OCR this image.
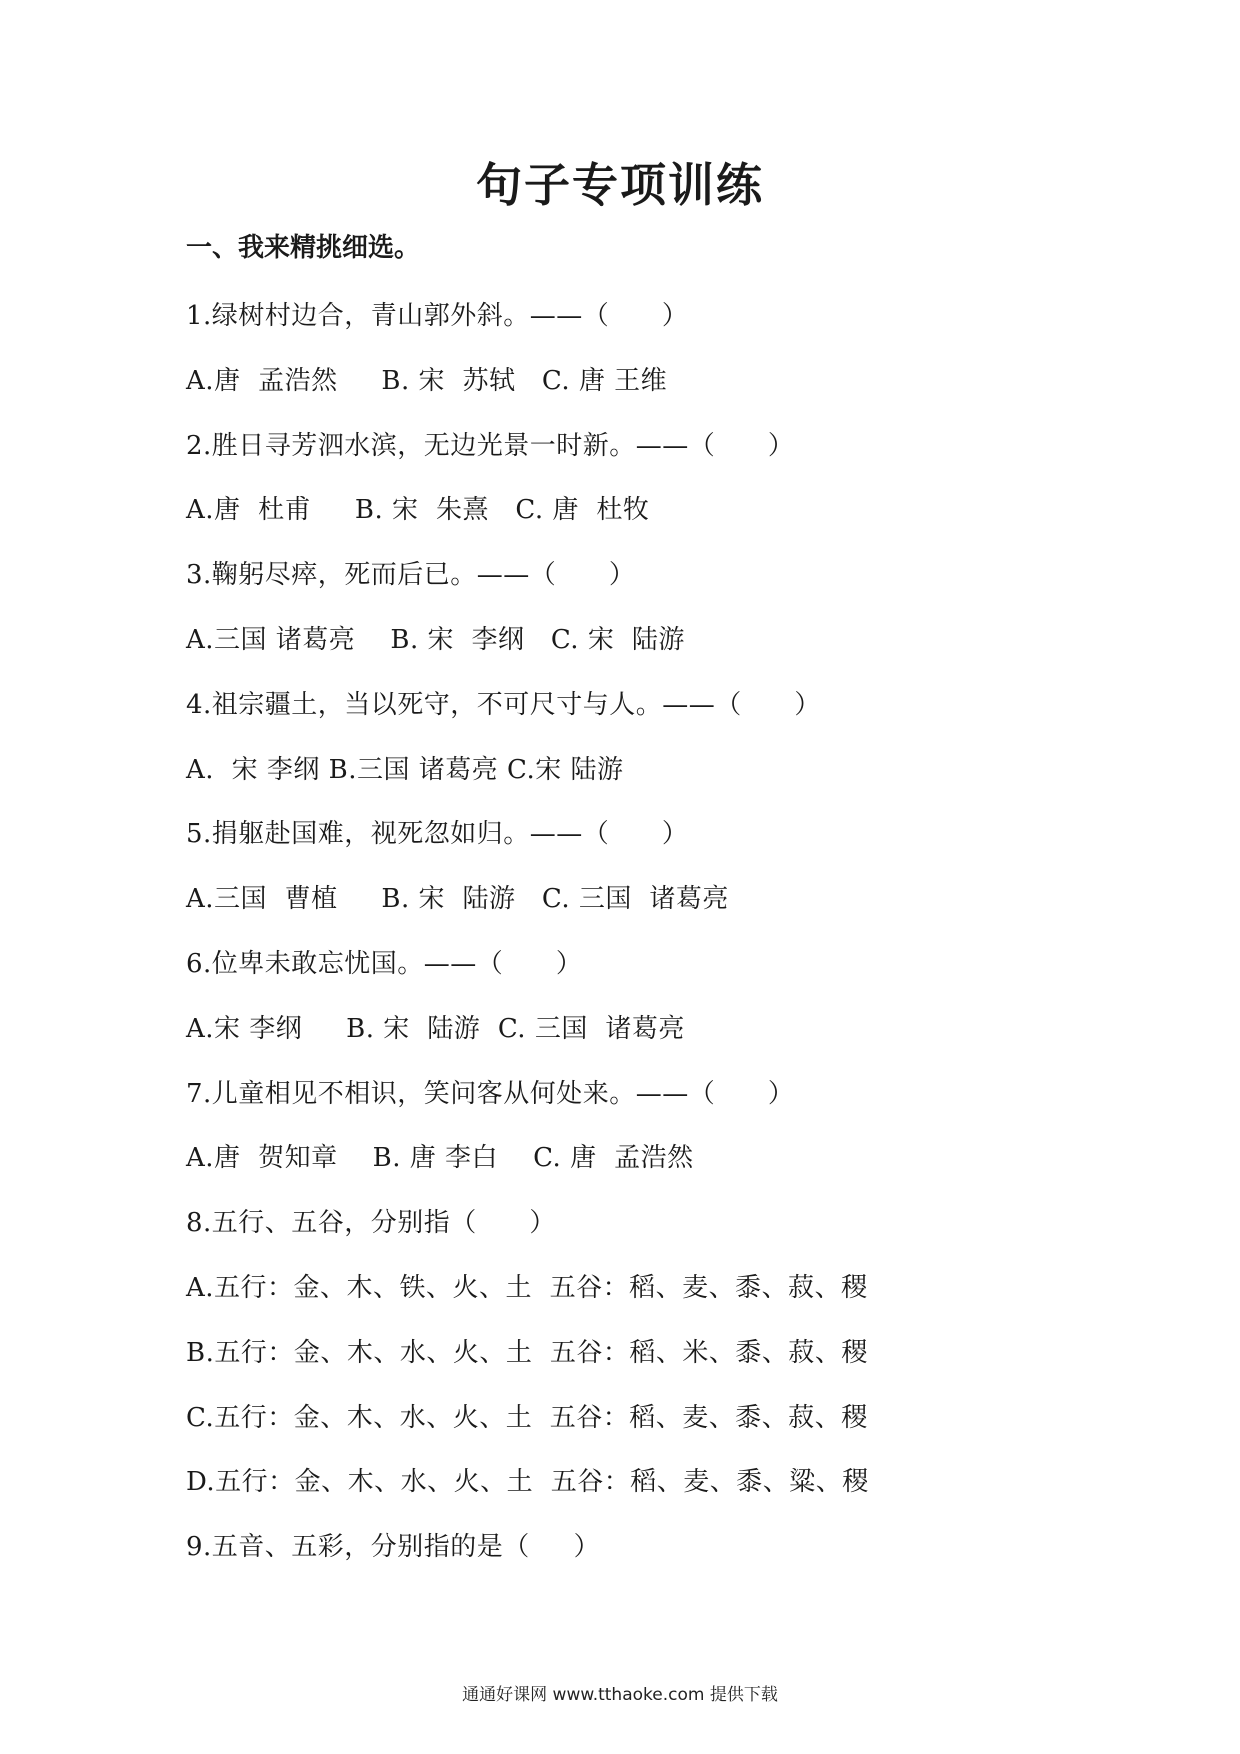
句子专项训练
一、我来精挑细选。
1.绿树村边合，青山郭外斜。——（      ）
A.唐  孟浩然     B. 宋  苏轼   C. 唐 王维
2.胜日寻芳泗水滨，无边光景一时新。——（      ）
A.唐  杜甫     B. 宋  朱熹   C. 唐  杜牧
3.鞠躬尽瘁，死而后已。——（      ）
A.三国 诸葛亮    B. 宋  李纲   C. 宋  陆游
4.祖宗疆土，当以死守，不可尺寸与人。——（      ）
A.  宋 李纲 B.三国 诸葛亮 C.宋 陆游
5.捐躯赴国难，视死忽如归。——（      ）
A.三国  曹植     B. 宋  陆游   C. 三国  诸葛亮
6.位卑未敢忘忧国。——（      ）
A.宋 李纲     B. 宋  陆游  C. 三国  诸葛亮
7.儿童相见不相识，笑问客从何处来。——（      ）
A.唐  贺知章    B. 唐 李白    C. 唐  孟浩然
8.五行、五谷，分别指（      ）
A.五行：金、木、铁、火、土  五谷：稻、麦、黍、菽、稷
B.五行：金、木、水、火、土  五谷：稻、米、黍、菽、稷
C.五行：金、木、水、火、土  五谷：稻、麦、黍、菽、稷
D.五行：金、木、水、火、土  五谷：稻、麦、黍、粱、稷
9.五音、五彩，分别指的是（     ）
通通好课网 www.tthaoke.com 提供下载
